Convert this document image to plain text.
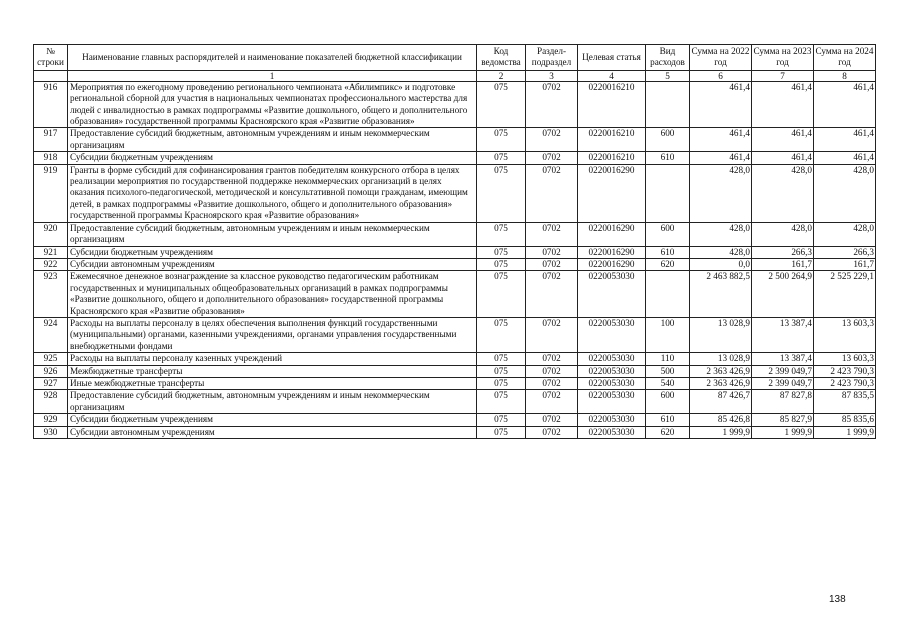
№ строки	Наименование главных распорядителей и наименование показателей бюджетной классификации	Код ведомства	Раздел-подраздел	Целевая статья	Вид расходов	Сумма на 2022 год	Сумма на 2023 год	Сумма на 2024 год
	1	2	3	4	5	6	7	8
916	Мероприятия по ежегодному проведению регионального чемпионата «Абилимпикс» и подготовке региональной сборной для участия в национальных чемпионатах профессионального мастерства для людей с инвалидностью в рамках подпрограммы «Развитие дошкольного, общего и дополнительного образования» государственной программы Красноярского края «Развитие образования»	075	0702	0220016210		461,4	461,4	461,4
917	Предоставление субсидий бюджетным, автономным учреждениям и иным некоммерческим организациям	075	0702	0220016210	600	461,4	461,4	461,4
918	Субсидии бюджетным учреждениям	075	0702	0220016210	610	461,4	461,4	461,4
919	Гранты в форме субсидий для софинансирования грантов победителям конкурсного отбора в целях реализации мероприятия по государственной поддержке некоммерческих организаций в целях оказания психолого-педагогической, методической и консультативной помощи гражданам, имеющим детей, в рамках подпрограммы «Развитие дошкольного, общего и дополнительного образования» государственной программы Красноярского края «Развитие образования»	075	0702	0220016290		428,0	428,0	428,0
920	Предоставление субсидий бюджетным, автономным учреждениям и иным некоммерческим организациям	075	0702	0220016290	600	428,0	428,0	428,0
921	Субсидии бюджетным учреждениям	075	0702	0220016290	610	428,0	266,3	266,3
922	Субсидии автономным учреждениям	075	0702	0220016290	620	0,0	161,7	161,7
923	Ежемесячное денежное вознаграждение за классное руководство педагогическим работникам государственных и муниципальных общеобразовательных организаций в рамках подпрограммы «Развитие дошкольного, общего и дополнительного образования» государственной программы Красноярского края «Развитие образования»	075	0702	0220053030		2 463 882,5	2 500 264,9	2 525 229,1
924	Расходы на выплаты персоналу в целях обеспечения выполнения функций государственными (муниципальными) органами, казенными учреждениями, органами управления государственными внебюджетными фондами	075	0702	0220053030	100	13 028,9	13 387,4	13 603,3
925	Расходы на выплаты персоналу казенных учреждений	075	0702	0220053030	110	13 028,9	13 387,4	13 603,3
926	Межбюджетные трансферты	075	0702	0220053030	500	2 363 426,9	2 399 049,7	2 423 790,3
927	Иные межбюджетные трансферты	075	0702	0220053030	540	2 363 426,9	2 399 049,7	2 423 790,3
928	Предоставление субсидий бюджетным, автономным учреждениям и иным некоммерческим организациям	075	0702	0220053030	600	87 426,7	87 827,8	87 835,5
929	Субсидии бюджетным учреждениям	075	0702	0220053030	610	85 426,8	85 827,9	85 835,6
930	Субсидии автономным учреждениям	075	0702	0220053030	620	1 999,9	1 999,9	1 999,9
138
